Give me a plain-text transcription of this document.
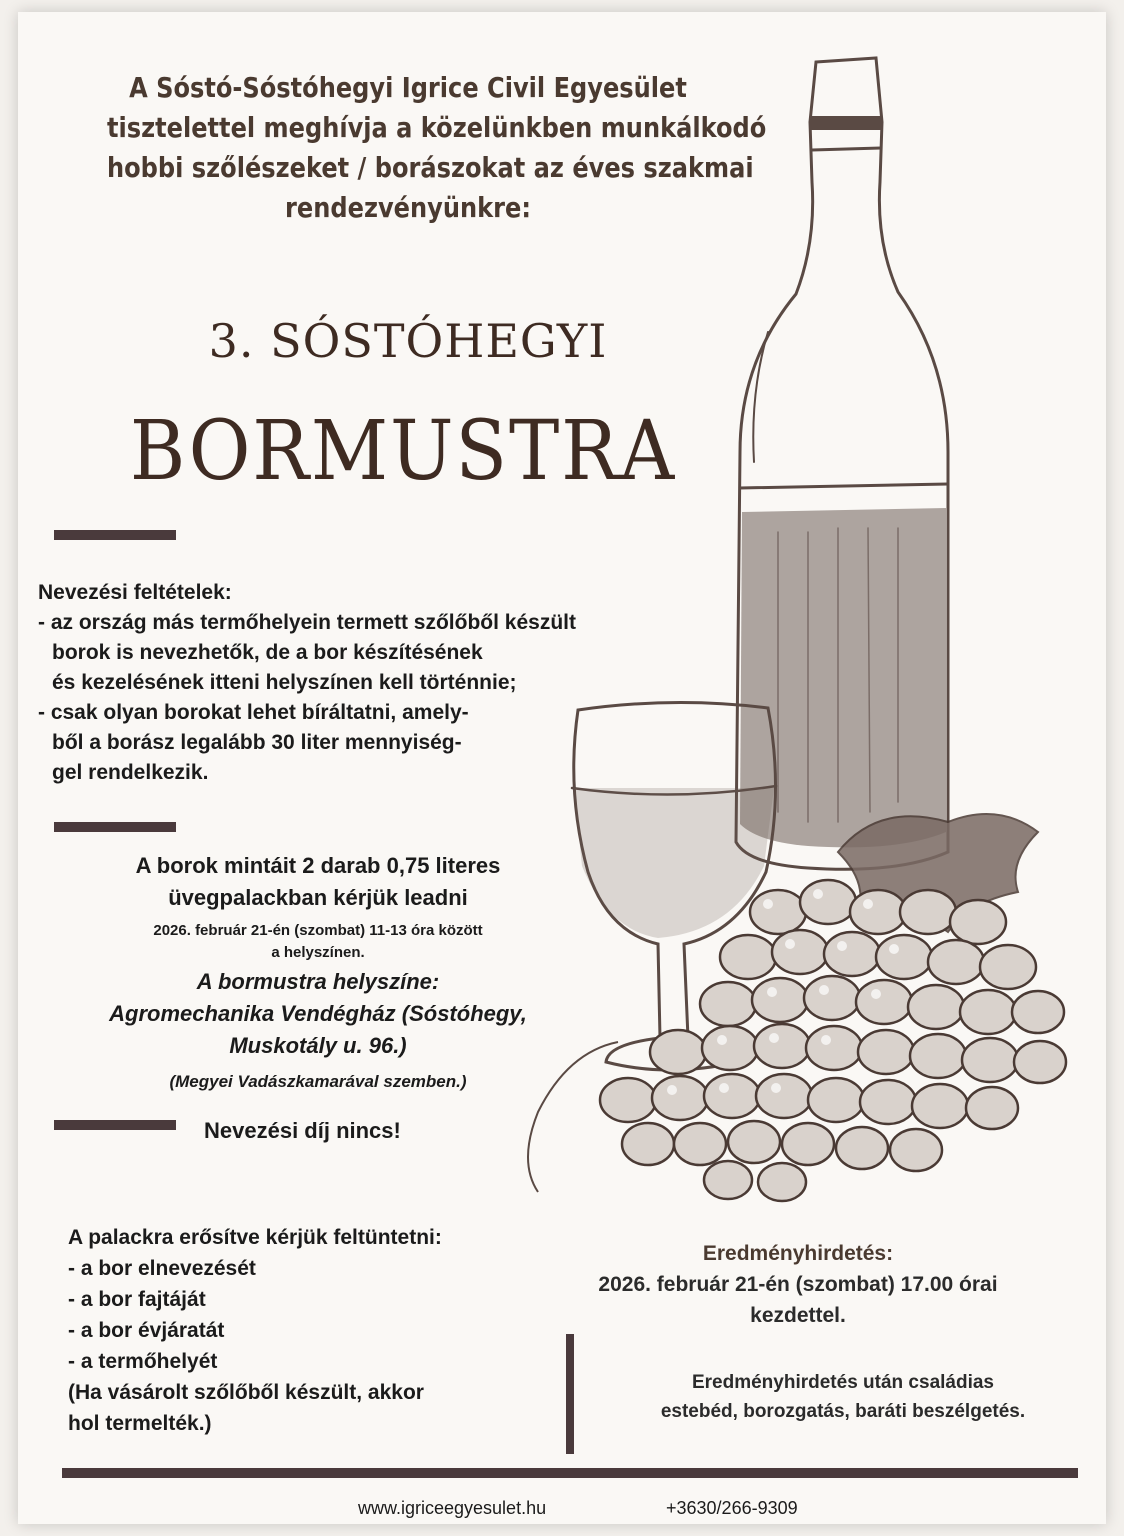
A Sóstó-Sóstóhegyi Igrice Civil Egyesület
tisztelettel meghívja a közelünkben munkálkodó
hobbi szőlészeket / borászokat az éves szakmai
rendezvényünkre:
3. SÓSTÓHEGYI
BORMUSTRA
Nevezési feltételek:
- az ország más termőhelyein termett szőlőből készült
borok is nevezhetők, de a bor készítésének
és kezelésének itteni helyszínen kell történnie;
- csak olyan borokat lehet bíráltatni, amely-
ből a borász legalább 30 liter mennyiség-
gel rendelkezik.
A borok mintáit 2 darab 0,75 literes
üvegpalackban kérjük leadni
2026. február 21-én (szombat) 11-13 óra között
a helyszínen.
A bormustra helyszíne:
Agromechanika Vendégház (Sóstóhegy,
Muskotály u. 96.)
(Megyei Vadászkamarával szemben.)
Nevezési díj nincs!
A palackra erősítve kérjük feltüntetni:
- a bor elnevezését
- a bor fajtáját
- a bor évjáratát
- a termőhelyét
(Ha vásárolt szőlőből készült, akkor
hol termelték.)
Eredményhirdetés:
2026. február 21-én (szombat) 17.00 órai
kezdettel.
Eredményhirdetés után családias
estebéd, borozgatás, baráti beszélgetés.
www.igriceegyesulet.hu	+3630/266-9309
